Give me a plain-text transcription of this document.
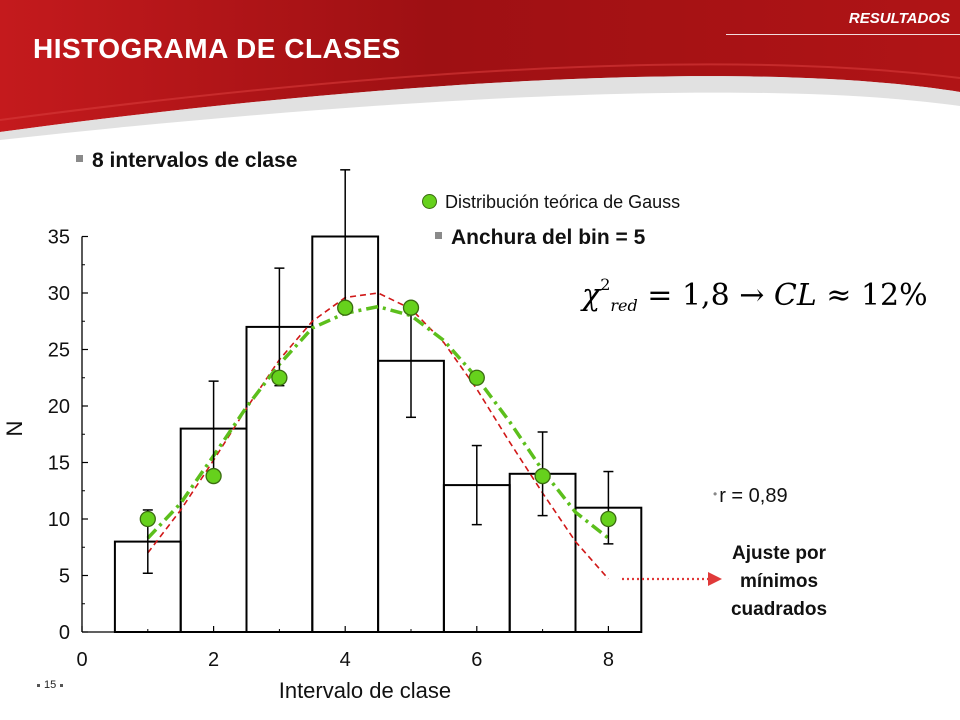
RESULTADOS
HISTOGRAMA DE CLASES
8 intervalos de clase
0
5
10
15
20
25
30
35
0	2	4	6	8
Intervalo de clase
N
Distribución teórica de Gauss
Anchura del bin = 5
$\chi^2_{red} = 1,8$ → CL ≈ 12%
• r = 0,89
Ajuste por
mínimos
cuadrados
15
